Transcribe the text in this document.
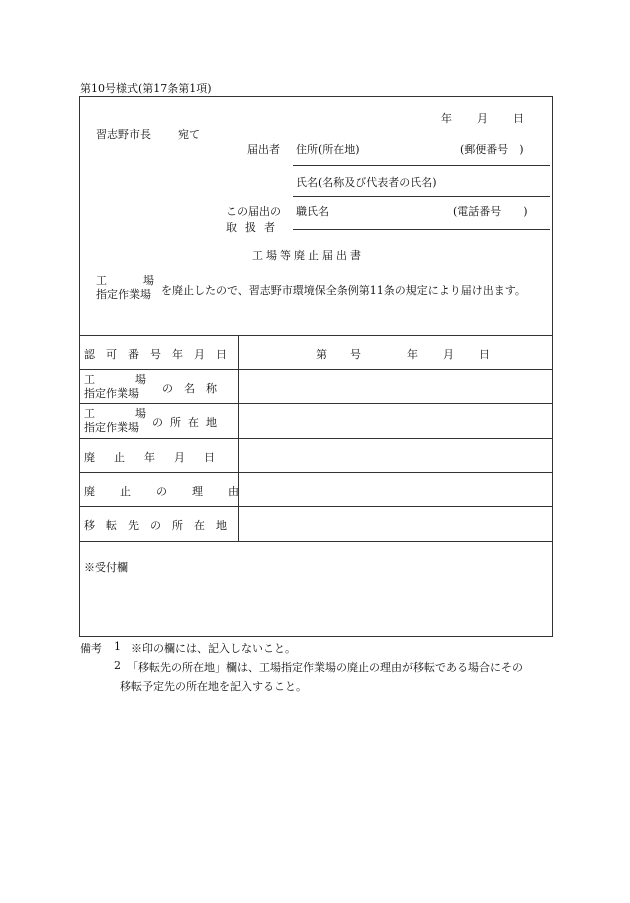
第10号様式(第17条第1項)
年 月 日
習志野市長 宛て
届出者 住所(所在地)	(郵便番号　)
氏名(名称及び代表者の氏名)
この届出の
取扱者
職氏名	(電話番号　　)
工場等廃止届出書
工場
指定作業場 を廃止したので、習志野市環境保全条例第11条の規定により届け出ます。
認可番号年月日	第 号	年 月 日
工場
指定作業場	の名称
工場
指定作業場	の所在地
廃止年月日
廃止の理由
移転先の所在地
※受付欄
備考 1 ※印の欄には、記入しないこと。
2 「移転先の所在地」欄は、工場指定作業場の廃止の理由が移転である場合にその
移転予定先の所在地を記入すること。
